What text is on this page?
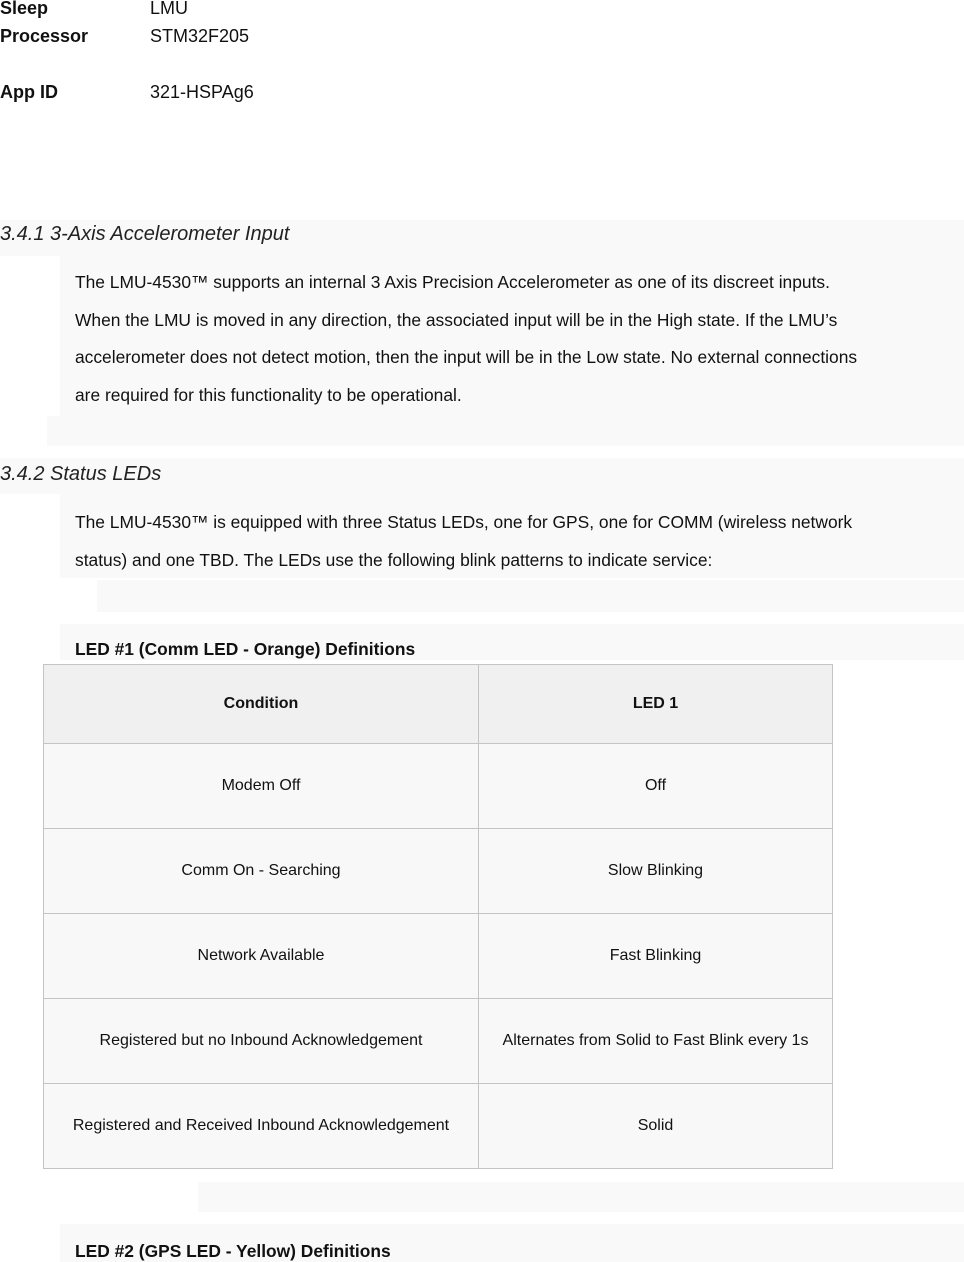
Sleep	LMU
Processor	STM32F205
App ID	321-HSPAg6
3.4.1 3-Axis Accelerometer Input
The LMU-4530™ supports an internal 3 Axis Precision Accelerometer as one of its discreet inputs.
When the LMU is moved in any direction, the associated input will be in the High state. If the LMU’s
accelerometer does not detect motion, then the input will be in the Low state. No external connections
are required for this functionality to be operational.
3.4.2 Status LEDs
The LMU-4530™ is equipped with three Status LEDs, one for GPS, one for COMM (wireless network
status) and one TBD. The LEDs use the following blink patterns to indicate service:
LED #1 (Comm LED - Orange) Definitions
Condition	LED 1
Modem Off	Off
Comm On - Searching	Slow Blinking
Network Available	Fast Blinking
Registered but no Inbound Acknowledgement	Alternates from Solid to Fast Blink every 1s
Registered and Received Inbound Acknowledgement	Solid
LED #2 (GPS LED - Yellow) Definitions
